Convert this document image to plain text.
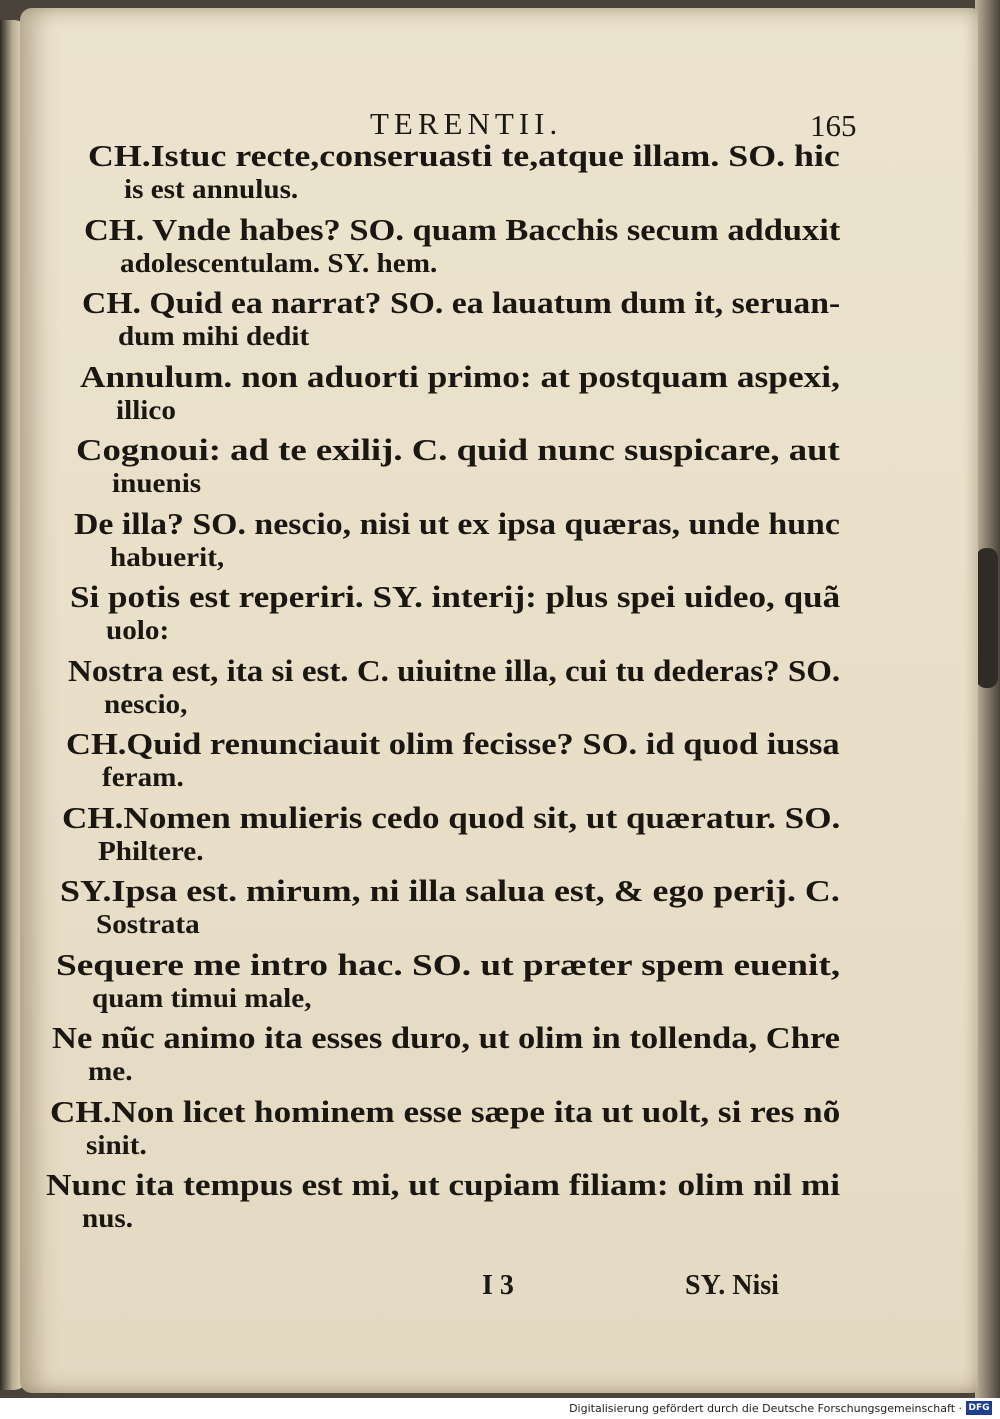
TERENTII.	165
CH.Istuc recte,conseruasti te,atque illam. SO. hic
is est annulus.
CH. Vnde habes? SO. quam Bacchis secum adduxit
adolescentulam. SY. hem.
CH. Quid ea narrat? SO. ea lauatum dum it, seruan-
dum mihi dedit
Annulum. non aduorti primo: at postquam aspexi,
illico
Cognoui: ad te exilij. C. quid nunc suspicare, aut
inuenis
De illa? SO. nescio, nisi ut ex ipsa quæras, unde hunc
habuerit,
Si potis est reperiri. SY. interij: plus spei uideo, quã
uolo:
Nostra est, ita si est. C. uiuitne illa, cui tu dederas? SO.
nescio,
CH.Quid renunciauit olim fecisse? SO. id quod iussa
feram.
CH.Nomen mulieris cedo quod sit, ut quæratur. SO.
Philtere.
SY.Ipsa est. mirum, ni illa salua est, & ego perij. C.
Sostrata
Sequere me intro hac. SO. ut præter spem euenit,
quam timui male,
Ne nũc animo ita esses duro, ut olim in tollenda, Chre
me.
CH.Non licet hominem esse sæpe ita ut uolt, si res nõ
sinit.
Nunc ita tempus est mi, ut cupiam filiam: olim nil mi
nus.
I 3	SY. Nisi
Digitalisierung gefördert durch die Deutsche Forschungsgemeinschaft · DFG
